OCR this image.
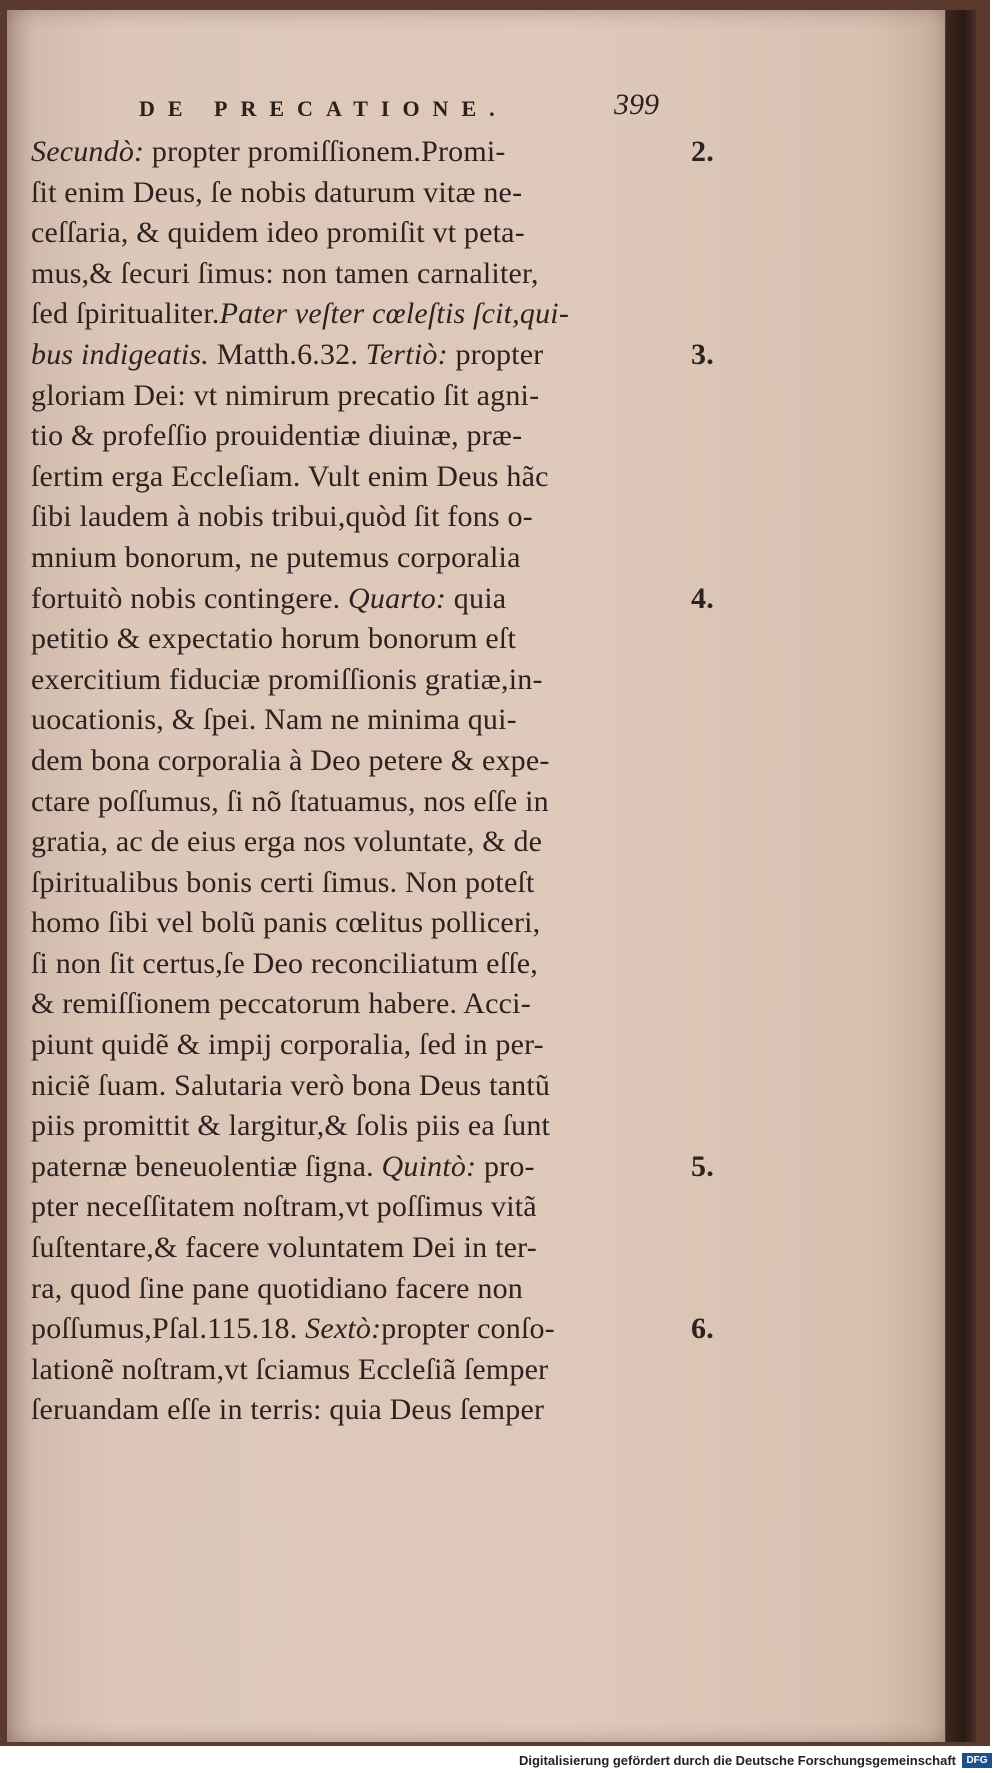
DE PRECATIONE.	399
Secundò: propter promiſſionem.Promi-	2.
ſit enim Deus, ſe nobis daturum vitæ ne-
ceſſaria, & quidem ideo promiſit vt peta-
mus,& ſecuri ſimus: non tamen carnaliter,
ſed ſpiritualiter.Pater veſter cœleſtis ſcit,qui-
bus indigeatis. Matth.6.32. Tertiò: propter	3.
gloriam Dei: vt nimirum precatio ſit agni-
tio & profeſſio prouidentiæ diuinæ, præ-
ſertim erga Eccleſiam. Vult enim Deus hãc
ſibi laudem à nobis tribui,quòd ſit fons o-
mnium bonorum, ne putemus corporalia
fortuitò nobis contingere. Quarto: quia	4.
petitio & expectatio horum bonorum eſt
exercitium fiduciæ promiſſionis gratiæ,in-
uocationis, & ſpei. Nam ne minima qui-
dem bona corporalia à Deo petere & expe-
ctare poſſumus, ſi nõ ſtatuamus, nos eſſe in
gratia, ac de eius erga nos voluntate, & de
ſpiritualibus bonis certi ſimus. Non poteſt
homo ſibi vel bolũ panis cœlitus polliceri,
ſi non ſit certus,ſe Deo reconciliatum eſſe,
& remiſſionem peccatorum habere. Acci-
piunt quidẽ & impij corporalia, ſed in per-
niciẽ ſuam. Salutaria verò bona Deus tantũ
piis promittit & largitur,& ſolis piis ea ſunt
paternæ beneuolentiæ ſigna. Quintò: pro-	5.
pter neceſſitatem noſtram,vt poſſimus vitã
ſuſtentare,& facere voluntatem Dei in ter-
ra, quod ſine pane quotidiano facere non
poſſumus,Pſal.115.18. Sextò:propter conſo-	6.
lationẽ noſtram,vt ſciamus Eccleſiã ſemper
ſeruandam eſſe in terris: quia Deus ſemper
Digitalisierung gefördert durch die Deutsche Forschungsgemeinschaft	DFG
